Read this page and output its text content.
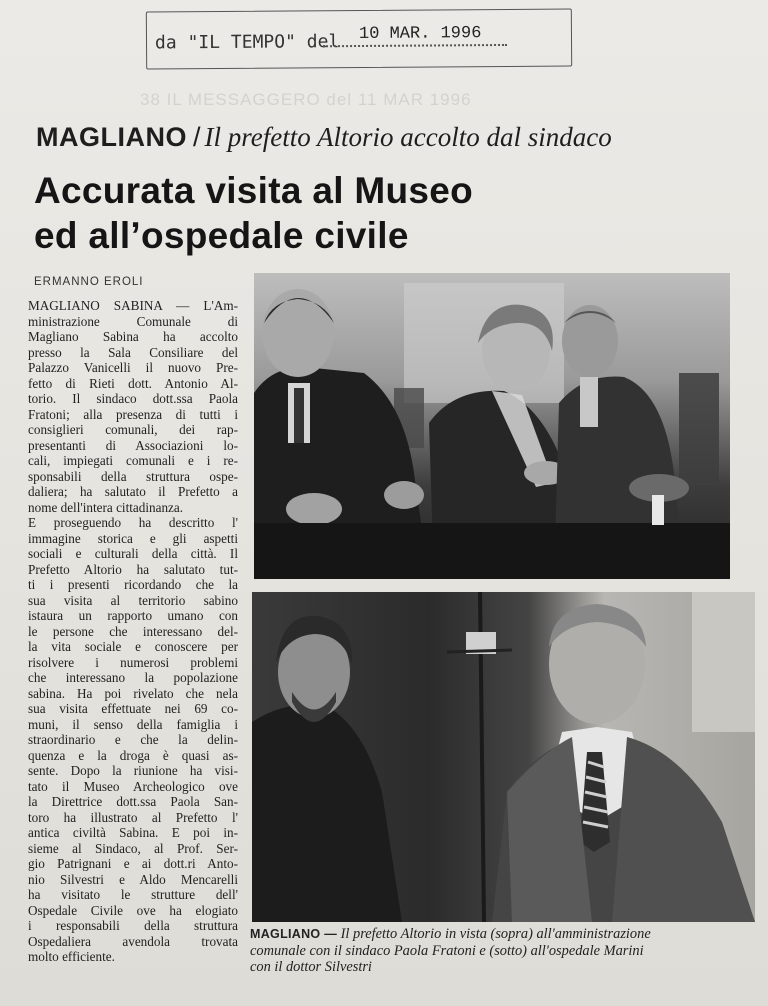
da "IL TEMPO" del 10 MAR. 1996
38 IL MESSAGGERO del 11 MAR 1996
MAGLIANO / Il prefetto Altorio accolto dal sindaco
Accurata visita al Museo
ed all’ospedale civile
ERMANNO EROLI
MAGLIANO SABINA — L'Am-
ministrazione Comunale di
Magliano Sabina ha accolto
presso la Sala Consiliare del
Palazzo Vanicelli il nuovo Pre-
fetto di Rieti dott. Antonio Al-
torio. Il sindaco dott.ssa Paola
Fratoni; alla presenza di tutti i
consiglieri comunali, dei rap-
presentanti di Associazioni lo-
cali, impiegati comunali e i re-
sponsabili della struttura ospe-
daliera; ha salutato il Prefetto a
nome dell'intera cittadinanza.
E proseguendo ha descritto l'
immagine storica e gli aspetti
sociali e culturali della città. Il
Prefetto Altorio ha salutato tut-
ti i presenti ricordando che la
sua visita al territorio sabino
istaura un rapporto umano con
le persone che interessano del-
la vita sociale e conoscere per
risolvere i numerosi problemi
che interessano la popolazione
sabina. Ha poi rivelato che nela
sua visita effettuate nei 69 co-
muni, il senso della famiglia i
straordinario e che la delin-
quenza e la droga è quasi as-
sente. Dopo la riunione ha visi-
tato il Museo Archeologico ove
la Direttrice dott.ssa Paola San-
toro ha illustrato al Prefetto l'
antica civiltà Sabina. E poi in-
sieme al Sindaco, al Prof. Ser-
gio Patrignani e ai dott.ri Anto-
nio Silvestri e Aldo Mencarelli
ha visitato le strutture dell'
Ospedale Civile ove ha elogiato
i responsabili della struttura
Ospedaliera avendola trovata
molto efficiente.
MAGLIANO — Il prefetto Altorio in vista (sopra) all'amministrazione
comunale con il sindaco Paola Fratoni e (sotto) all'ospedale Marini
con il dottor Silvestri
